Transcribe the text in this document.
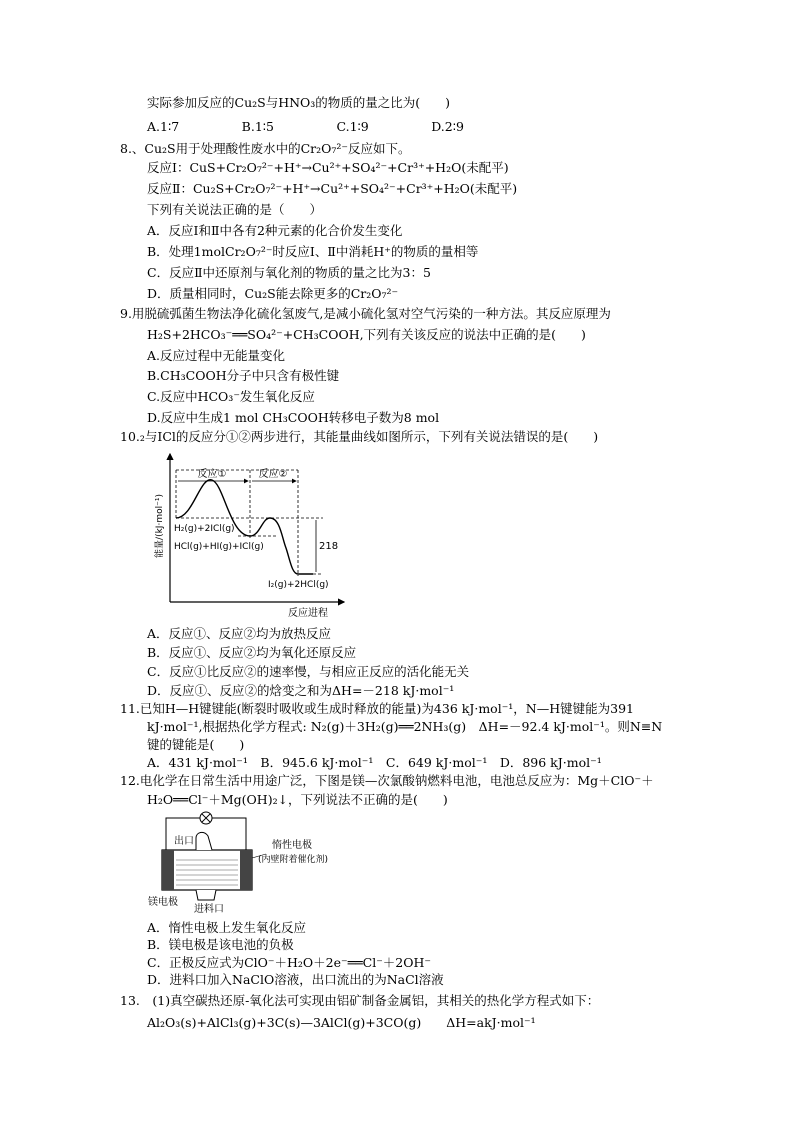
实际参加反应的Cu₂S与HNO₃的物质的量之比为(　　)
A.1∶7　　　　　B.1∶5　　　　　C.1∶9　　　　　D.2∶9
8.、Cu₂S用于处理酸性废水中的Cr₂O₇²⁻反应如下。
反应Ⅰ：CuS+Cr₂O₇²⁻+H⁺→Cu²⁺+SO₄²⁻+Cr³⁺+H₂O(未配平)
反应Ⅱ：Cu₂S+Cr₂O₇²⁻+H⁺→Cu²⁺+SO₄²⁻+Cr³⁺+H₂O(未配平)
下列有关说法正确的是（　　）
A．反应Ⅰ和Ⅱ中各有2种元素的化合价发生变化
B．处理1molCr₂O₇²⁻时反应Ⅰ、Ⅱ中消耗H⁺的物质的量相等
C．反应Ⅱ中还原剂与氧化剂的物质的量之比为3：5
D．质量相同时，Cu₂S能去除更多的Cr₂O₇²⁻
9.用脱硫弧菌生物法净化硫化氢废气,是减小硫化氢对空气污染的一种方法。其反应原理为
H₂S+2HCO₃⁻══SO₄²⁻+CH₃COOH,下列有关该反应的说法中正确的是(　　)
A.反应过程中无能量变化
B.CH₃COOH分子中只含有极性键
C.反应中HCO₃⁻发生氧化反应
D.反应中生成1 mol CH₃COOH转移电子数为8 mol
10.₂与ICl的反应分①②两步进行，其能量曲线如图所示，下列有关说法错误的是(　　)
能量/(kJ·mol⁻¹)
反应进程
反应①	反应②
218
H₂(g)+2ICl(g)
HCl(g)+HI(g)+ICl(g)
I₂(g)+2HCl(g)
A．反应①、反应②均为放热反应
B．反应①、反应②均为氧化还原反应
C．反应①比反应②的速率慢，与相应正反应的活化能无关
D．反应①、反应②的焓变之和为ΔH=－218 kJ·mol⁻¹
11.已知H—H键键能(断裂时吸收或生成时释放的能量)为436 kJ·mol⁻¹，N—H键键能为391
kJ·mol⁻¹,根据热化学方程式: N₂(g)＋3H₂(g)══2NH₃(g)　ΔH=－92.4 kJ·mol⁻¹。则N≡N
键的键能是(　　)
A．431 kJ·mol⁻¹　B．945.6 kJ·mol⁻¹　C．649 kJ·mol⁻¹　D．896 kJ·mol⁻¹
12.电化学在日常生活中用途广泛，下图是镁—次氯酸钠燃料电池，电池总反应为：Mg＋ClO⁻＋
H₂O══Cl⁻＋Mg(OH)₂↓，下列说法不正确的是(　　)
出口	惰性电极
(内壁附着催化剂)
镁电极
进料口
A．惰性电极上发生氧化反应
B．镁电极是该电池的负极
C．正极反应式为ClO⁻＋H₂O＋2e⁻══Cl⁻＋2OH⁻
D．进料口加入NaClO溶液，出口流出的为NaCl溶液
13.　(1)真空碳热还原-氧化法可实现由铝矿制备金属铝，其相关的热化学方程式如下：
Al₂O₃(s)+AlCl₃(g)+3C(s)—3AlCl(g)+3CO(g)　　ΔH=akJ·mol⁻¹
